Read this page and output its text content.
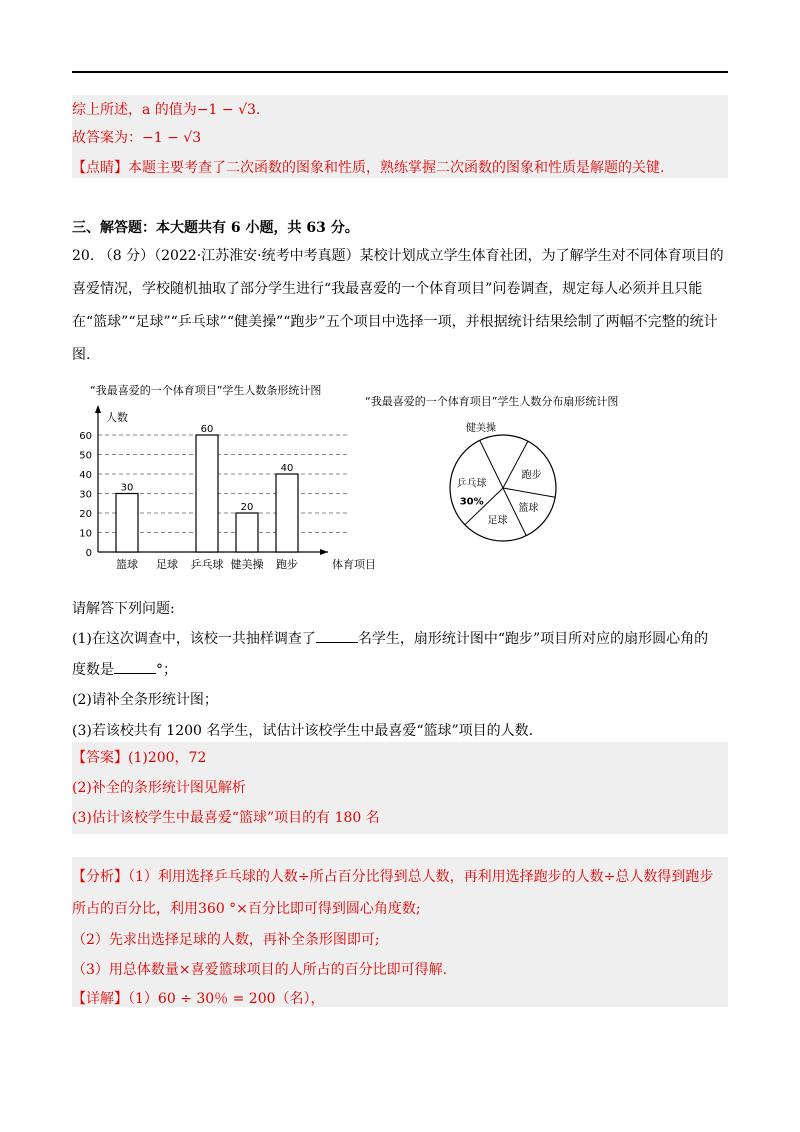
综上所述，a 的值为−1 − √3.
故答案为：−1 − √3
【点睛】本题主要考查了二次函数的图象和性质，熟练掌握二次函数的图象和性质是解题的关键.
三、解答题：本大题共有 6 小题，共 63 分。
20. （8 分）（2022·江苏淮安·统考中考真题）某校计划成立学生体育社团，为了解学生对不同体育项目的喜爱情况，学校随机抽取了部分学生进行“我最喜爱的一个体育项目”问卷调查，规定每人必须并且只能在“篮球”“足球”“乒乓球”“健美操”“跑步”五个项目中选择一项，并根据统计结果绘制了两幅不完整的统计图.
“我最喜爱的一个体育项目”学生人数条形统计图
0
10
20
30
40
50
60
人数
体育项目
30
篮球 足球
60
乒乓球
20
健美操
40
跑步
“我最喜爱的一个体育项目”学生人数分布扇形统计图
跑步
篮球
足球
乒乓球
30%
健美操
请解答下列问题:
(1)在这次调查中，该校一共抽样调查了	名学生，扇形统计图中“跑步”项目所对应的扇形圆心角的
度数是	°；
(2)请补全条形统计图；
(3)若该校共有 1200 名学生，试估计该校学生中最喜爱“篮球”项目的人数.
【答案】(1)200，72
(2)补全的条形统计图见解析
(3)估计该校学生中最喜爱“篮球”项目的有 180 名
【分析】（1）利用选择乒乓球的人数÷所占百分比得到总人数，再利用选择跑步的人数÷总人数得到跑步
所占的百分比，利用360 °×百分比即可得到圆心角度数;
（2）先求出选择足球的人数，再补全条形图即可;
（3）用总体数量×喜爱篮球项目的人所占的百分比即可得解.
【详解】（1）60 ÷ 30％ = 200（名），
